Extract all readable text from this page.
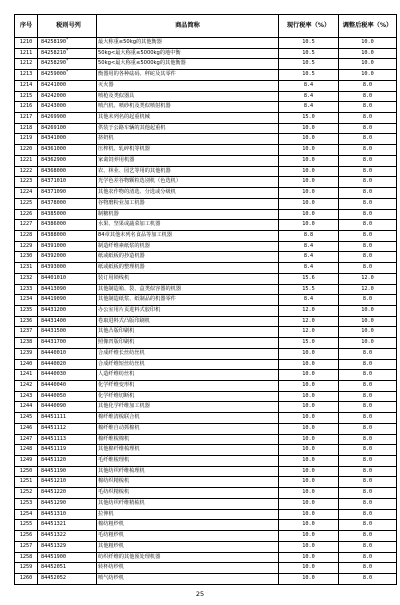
序号	税则号列	商品简称	现行税率（%）	调整后税率（%）
1210	84258190*	最大称重≤50kg的其他衡器	10.5	10.0
1211	84258210*	50kg<最大称重≤5000kg的地中衡	10.5	10.0
1212	84258290*	50kg<最大称重≤5000kg的其他衡器	10.5	10.0
1213	84259000*	衡器用的各种砝码、秤砣及其零件	10.5	10.0
1214	84241000	灭火器	8.4	8.0
1215	84242000	喷枪及类似器具	8.4	8.0
1216	84243000	喷汽机、喷砂机及类似喷射机器	8.4	8.0
1217	84269900	其他未列名的起重机械	15.0	8.0
1218	84269100	供装于公路车辆的其他起重机	10.0	8.0
1219	84341000	挤奶机	10.0	8.0
1220	84361000	压榨机、轧碎机等机器	10.0	8.0
1221	84362900	家禽饲养用机器	10.0	8.0
1222	84368000	农、林业、园艺等用的其他机器	10.0	8.0
1223	84371010	光学色差谷物颗粒选别机（色选机）	10.0	8.0
1224	84371090	其他农作物的清选、分选或分级机	10.0	8.0
1225	84378000	谷物磨粉业加工机器	10.0	8.0
1226	84385000	制糖机器	10.0	8.0
1227	84386000	水果、坚果或蔬菜加工机器	10.0	8.0
1228	84388000	84章其他未列名食品等加工机器	8.8	8.0
1229	84391000	制造纤维素纸浆的机器	8.4	8.0
1230	84392000	纸或纸板的抄造机器	8.4	8.0
1231	84393000	纸或纸板的整理机器	8.4	8.0
1232	84401010	装订用锁线机	15.6	12.0
1233	84413090	其他制造箱、袋、盒类似容器的机器	15.5	12.0
1234	84419090	其他制造纸浆、纸制品的机器零件	8.4	8.0
1235	84431200	办公室用片页进料式胶印机	12.0	10.0
1236	84431400	卷取进料式凸版印刷机	12.0	10.0
1237	84431500	其他凸版印刷机	12.0	10.0
1238	84431700	照像凹版印刷机	15.0	10.0
1239	84440010	合成纤维长丝纺丝机	10.0	8.0
1240	84440020	合成纤维短丝纺丝机	10.0	8.0
1241	84440030	人造纤维纺丝机	10.0	8.0
1242	84440040	化学纤维变形机	10.0	8.0
1243	84440050	化学纤维切断机	10.0	8.0
1244	84440090	其他化学纤维加工机器	10.0	8.0
1245	84451111	棉纤维清梳联合机	10.0	8.0
1246	84451112	棉纤维自动抓棉机	10.0	8.0
1247	84451113	棉纤维梳棉机	10.0	8.0
1248	84451119	其他棉纤维梳理机	10.0	8.0
1249	84451120	毛纤维梳理机	10.0	8.0
1250	84451190	其他纺织纤维梳理机	10.0	8.0
1251	84451210	棉纺织精梳机	10.0	8.0
1252	84451220	毛纺织精梳机	10.0	8.0
1253	84451290	其他纺织纤维精梳机	10.0	8.0
1254	84451310	拉伸机	10.0	8.0
1255	84451321	棉纺粗纱机	10.0	8.0
1256	84451322	毛纺粗纱机	10.0	8.0
1257	84451329	其他粗纱机	10.0	8.0
1258	84451900	纺织纤维的其他预处理机器	10.0	8.0
1259	84452051	转杯纺纱机	10.0	8.0
1260	84452052	喷气纺纱机	10.0	8.0
25
